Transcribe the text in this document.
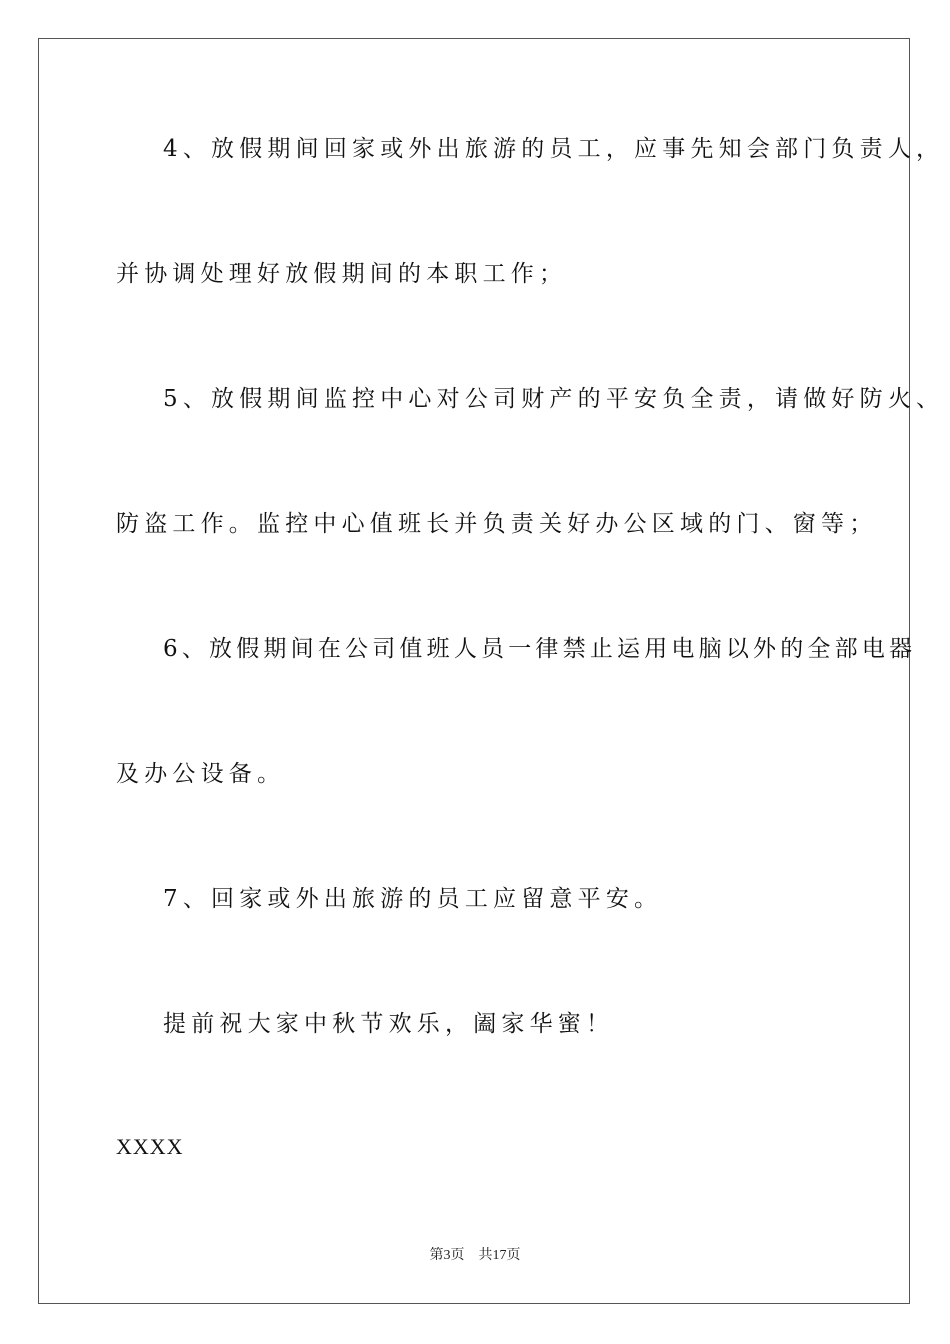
4、放假期间回家或外出旅游的员工，应事先知会部门负责人，

并协调处理好放假期间的本职工作；

5、放假期间监控中心对公司财产的平安负全责，请做好防火、

防盗工作。监控中心值班长并负责关好办公区域的门、窗等；

6、放假期间在公司值班人员一律禁止运用电脑以外的全部电器

及办公设备。

7、回家或外出旅游的员工应留意平安。

提前祝大家中秋节欢乐，阖家华蜜！

XXXX

第3页 共17页
